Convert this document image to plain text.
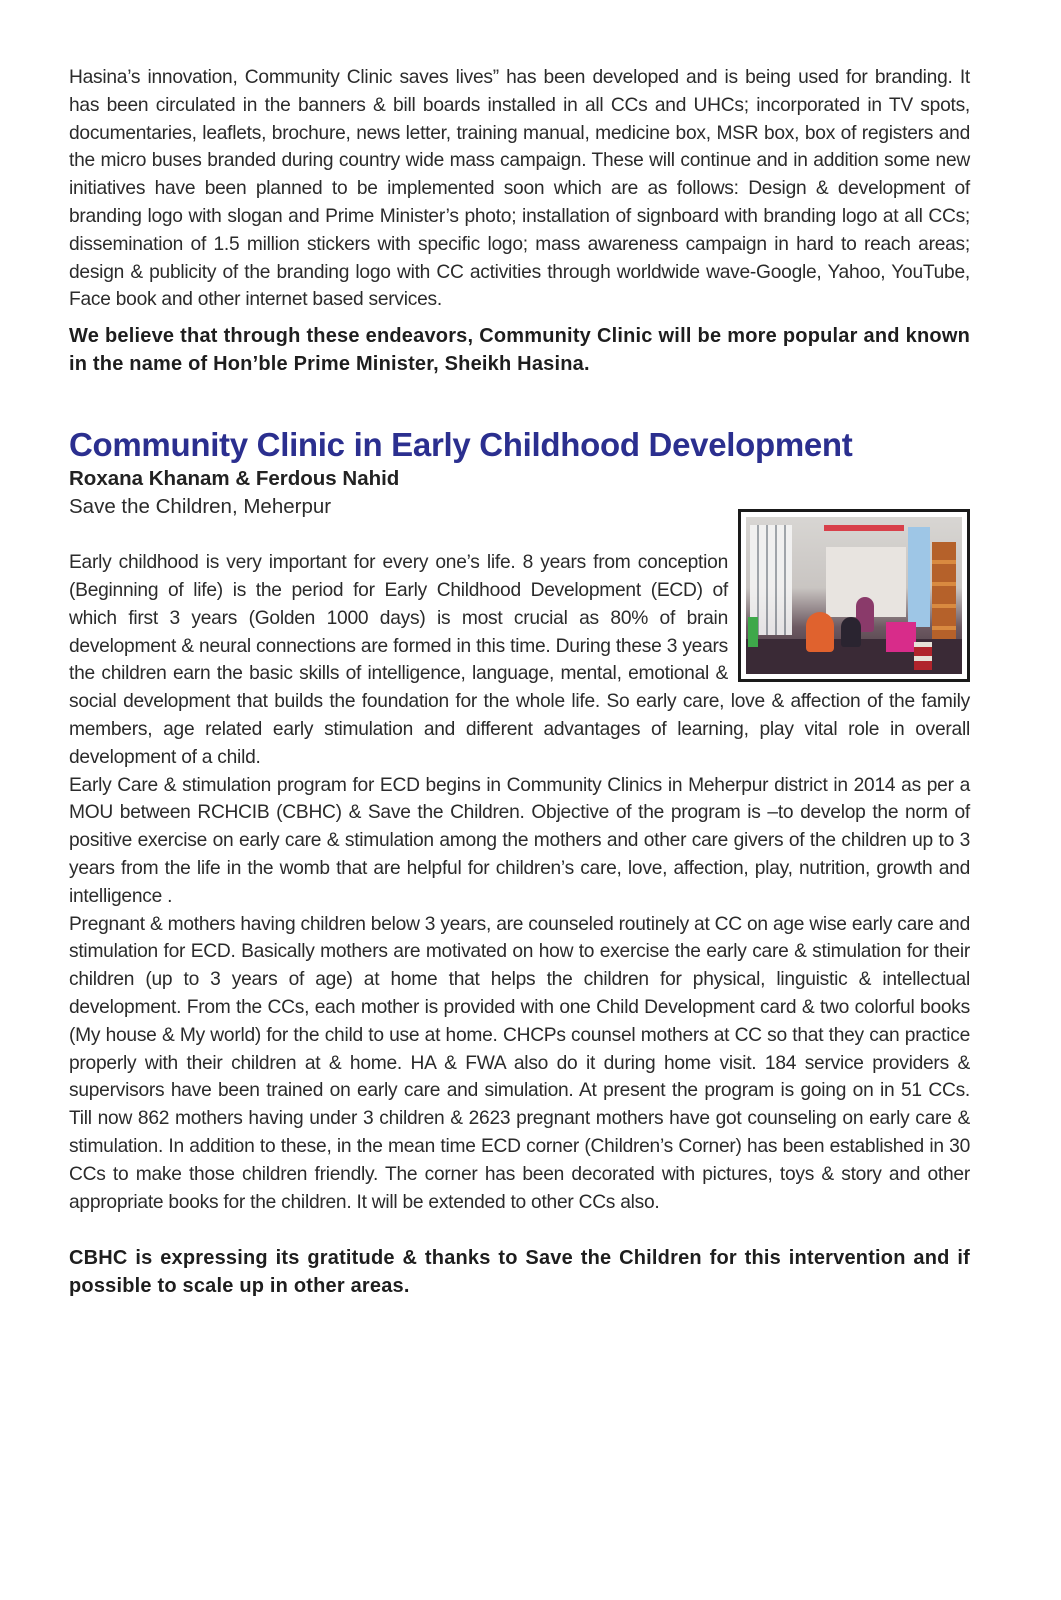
Hasina’s innovation, Community Clinic saves lives” has been developed and is being used for branding. It has been circulated in the banners & bill boards installed in all CCs and UHCs; incorporated in TV spots, documentaries, leaflets, brochure, news letter, training manual, medicine box, MSR box, box of registers and the micro buses branded during country wide mass campaign. These will continue and in addition some new initiatives have been planned to be implemented soon which are as follows: Design & development of branding logo with slogan and Prime Minister’s photo; installation of signboard with branding logo at all CCs; dissemination of 1.5 million stickers with specific logo; mass awareness campaign in hard to reach areas; design & publicity of the branding logo with CC activities through worldwide wave-Google, Yahoo, YouTube, Face book and other internet based services.

We believe that through these endeavors, Community Clinic will be more popular and known in the name of Hon’ble Prime Minister, Sheikh Hasina.

Community Clinic in Early Childhood Development

Roxana Khanam & Ferdous Nahid

Save the Children, Meherpur

Early childhood is very important for every one’s life. 8 years from conception (Beginning of life) is the period for Early Childhood Development (ECD) of which first 3 years (Golden 1000 days) is most crucial as 80% of brain development & neural connections are formed in this time. During these 3 years the children earn the basic skills of intelligence, language, mental, emotional & social development that builds the foundation for the whole life. So early care, love & affection of the family members, age related early stimulation and different advantages of learning, play vital role in overall development of a child.

Early Care & stimulation program for ECD begins in Community Clinics in Meherpur district in 2014 as per a MOU between RCHCIB (CBHC) & Save the Children. Objective of the program is –to develop the norm of positive exercise on early care & stimulation among the mothers and other care givers of the children up to 3 years from the life in the womb that are helpful for children’s care, love, affection, play, nutrition, growth and intelligence .

Pregnant & mothers having children below 3 years, are counseled routinely at CC on age wise early care and stimulation for ECD. Basically mothers are motivated on how to exercise the early care & stimulation for their children (up to 3 years of age) at home that helps the children for physical, linguistic & intellectual development. From the CCs, each mother is provided with one Child Development card & two colorful books (My house & My world) for the child to use at home. CHCPs counsel mothers at CC so that they can practice properly with their children at & home. HA & FWA also do it during home visit. 184 service providers & supervisors have been trained on early care and simulation. At present the program is going on in 51 CCs. Till now 862 mothers having under 3 children & 2623 pregnant mothers have got counseling on early care & stimulation. In addition to these, in the mean time ECD corner (Children’s Corner) has been established in 30 CCs to make those children friendly. The corner has been decorated with pictures, toys & story and other appropriate books for the children. It will be extended to other CCs also.

CBHC is expressing its gratitude & thanks to Save the Children for this intervention and if possible to scale up in other areas.
